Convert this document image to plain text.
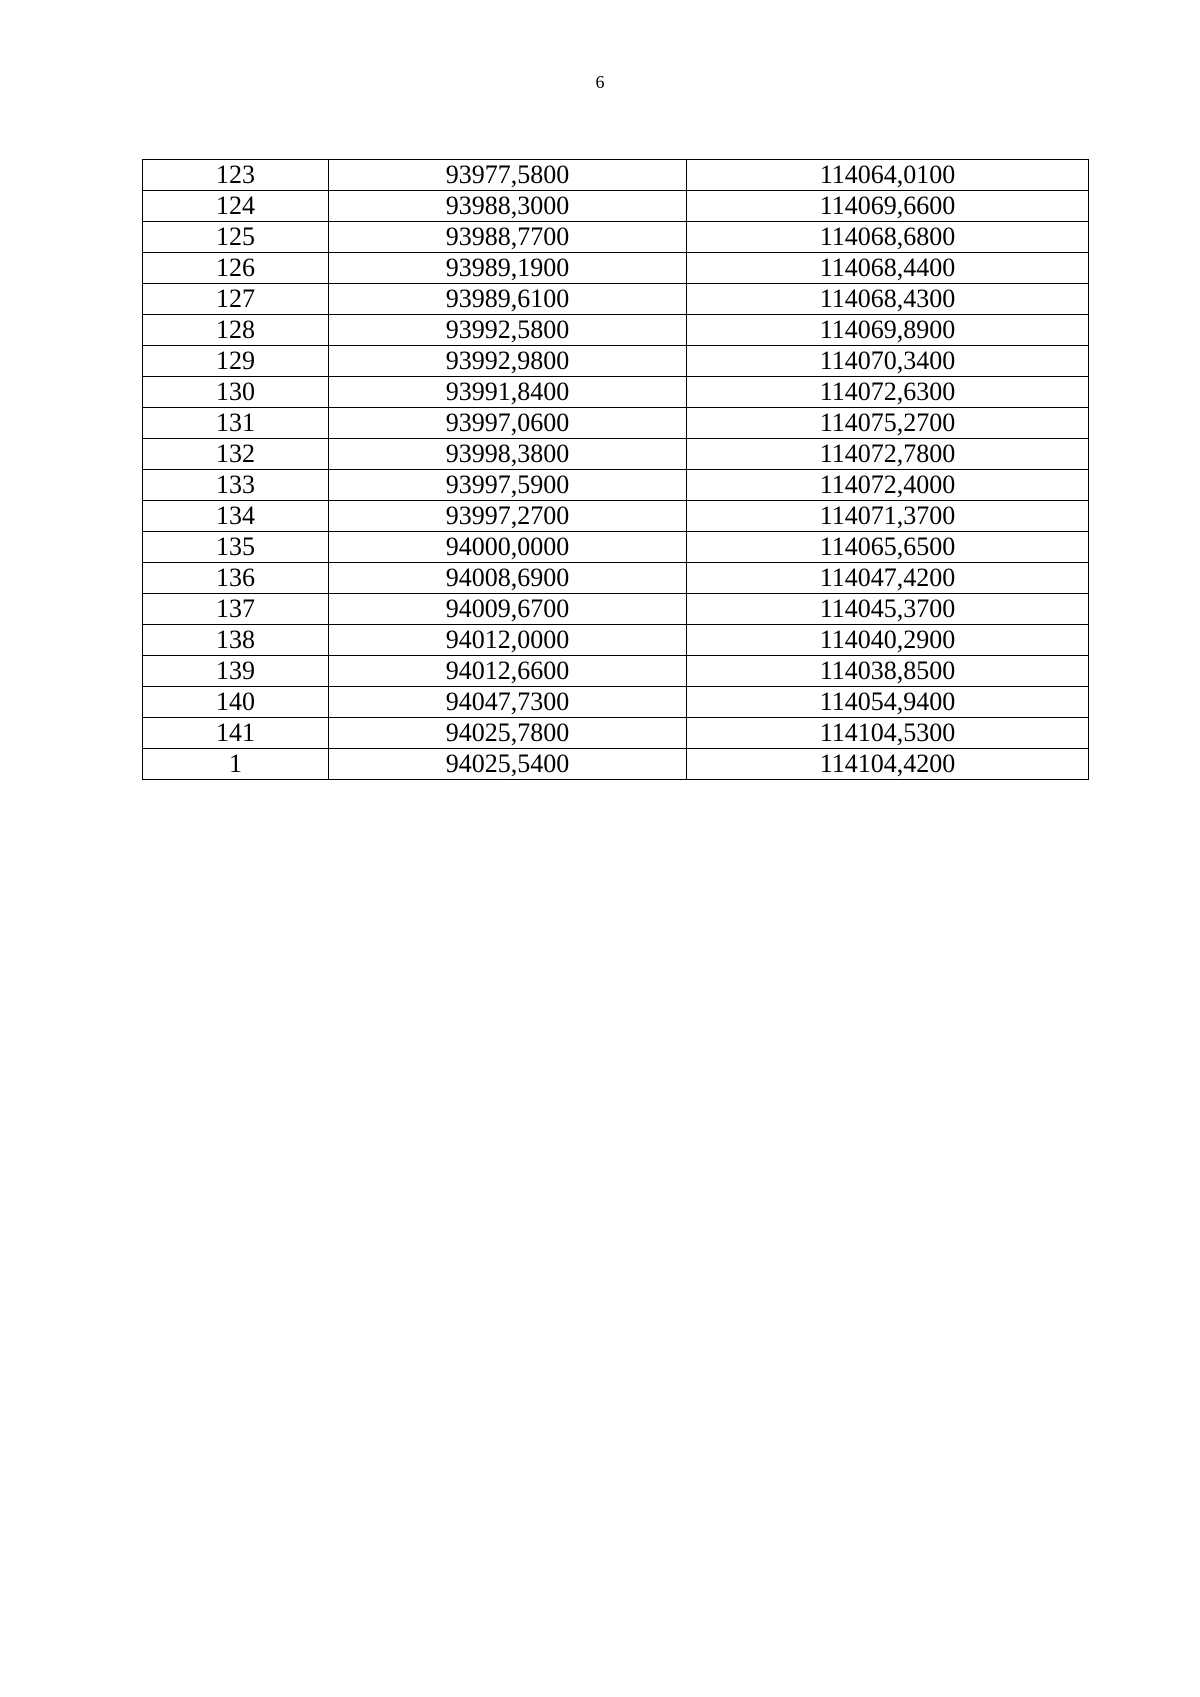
6
123	93977,5800	114064,0100
124	93988,3000	114069,6600
125	93988,7700	114068,6800
126	93989,1900	114068,4400
127	93989,6100	114068,4300
128	93992,5800	114069,8900
129	93992,9800	114070,3400
130	93991,8400	114072,6300
131	93997,0600	114075,2700
132	93998,3800	114072,7800
133	93997,5900	114072,4000
134	93997,2700	114071,3700
135	94000,0000	114065,6500
136	94008,6900	114047,4200
137	94009,6700	114045,3700
138	94012,0000	114040,2900
139	94012,6600	114038,8500
140	94047,7300	114054,9400
141	94025,7800	114104,5300
1	94025,5400	114104,4200
